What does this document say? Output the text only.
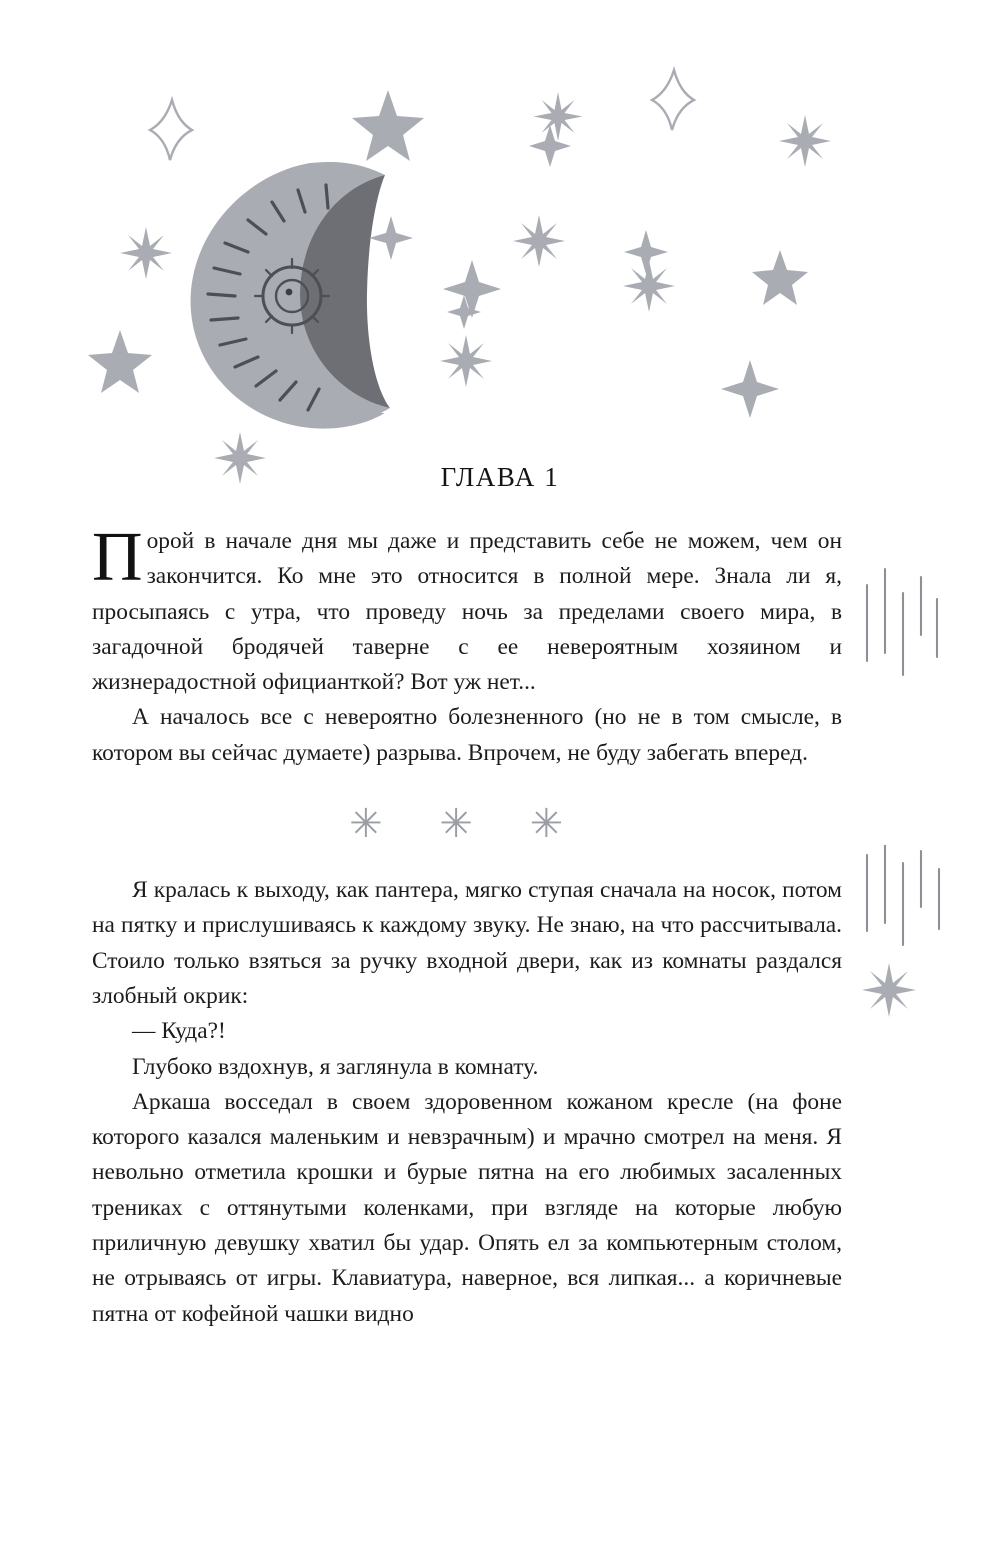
ГЛАВА 1

Порой в начале дня мы даже и представить себе не можем, чем он закончится. Ко мне это относится в полной мере. Знала ли я, просыпаясь с утра, что проведу ночь за пределами своего мира, в загадочной бродячей таверне с ее невероятным хозяином и жизнерадостной официанткой? Вот уж нет...

А началось все с невероятно болезненного (но не в том смысле, в котором вы сейчас думаете) разрыва. Впрочем, не буду забегать вперед.

✳ ✳ ✳

Я кралась к выходу, как пантера, мягко ступая сначала на носок, потом на пятку и прислушиваясь к каждому звуку. Не знаю, на что рассчитывала. Стоило только взяться за ручку входной двери, как из комнаты раздался злобный окрик:

— Куда?!

Глубоко вздохнув, я заглянула в комнату.

Аркаша восседал в своем здоровенном кожаном кресле (на фоне которого казался маленьким и невзрачным) и мрачно смотрел на меня. Я невольно отметила крошки и бурые пятна на его любимых засаленных трениках с оттянутыми коленками, при взгляде на которые любую приличную девушку хватил бы удар. Опять ел за компьютерным столом, не отрываясь от игры. Клавиатура, наверное, вся липкая... а коричневые пятна от кофейной чашки видно
